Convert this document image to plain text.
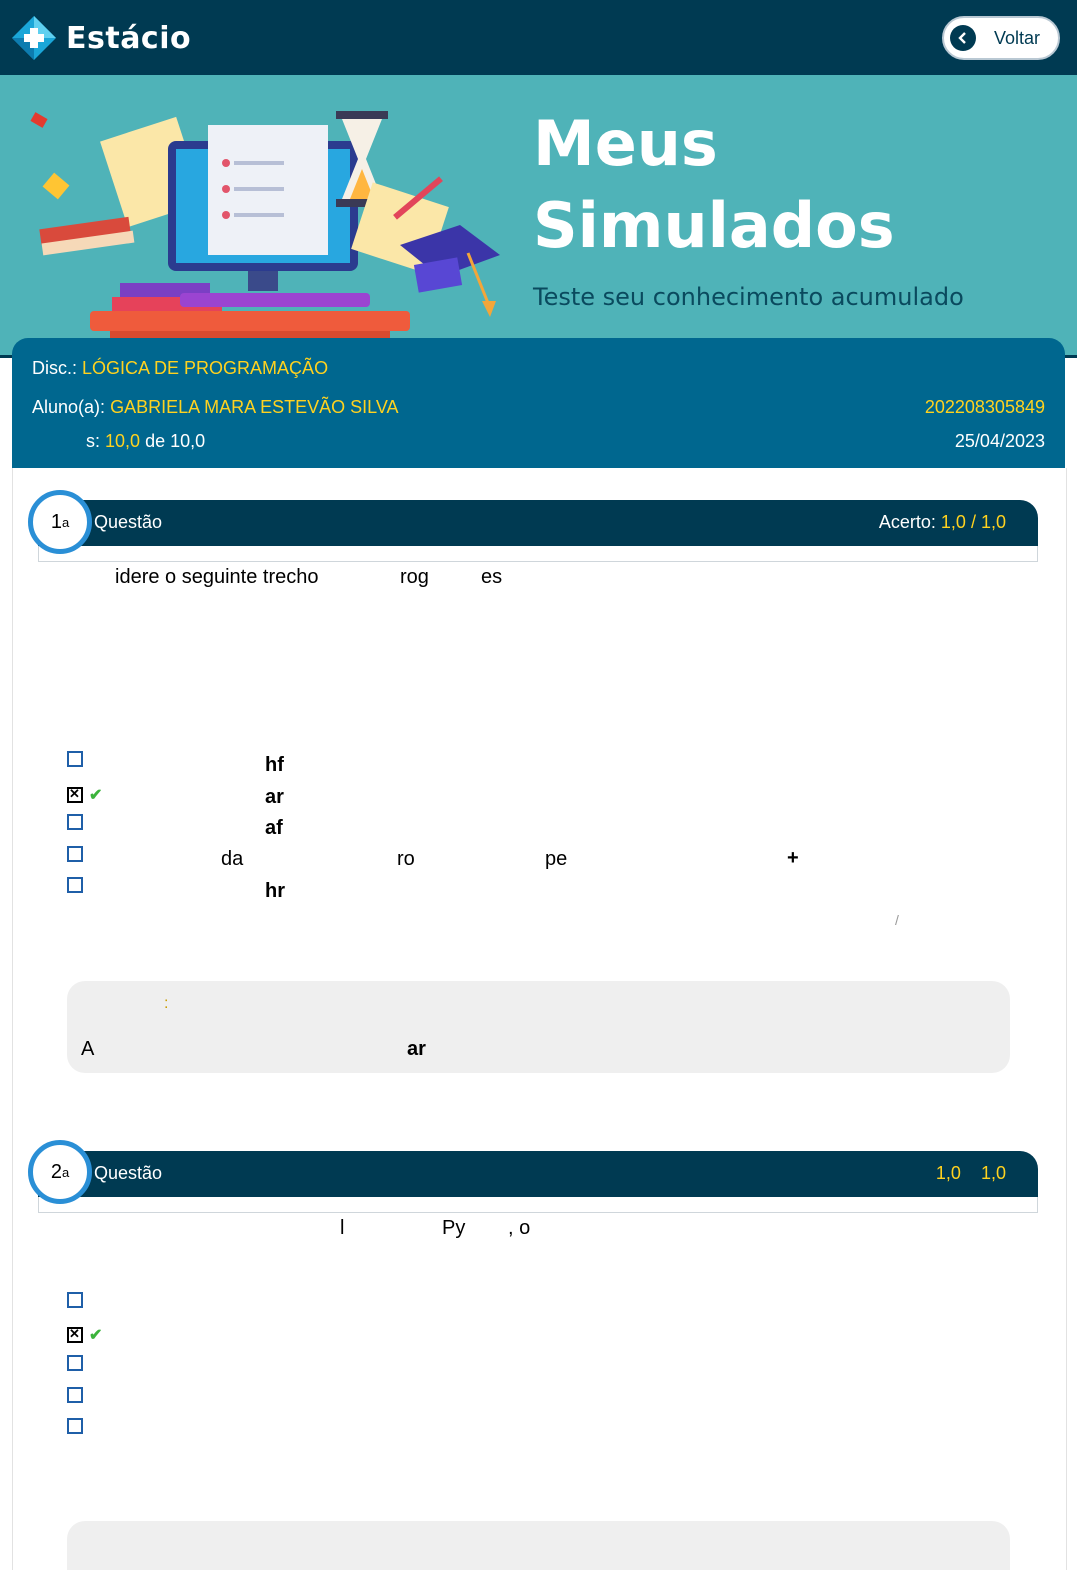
Estácio	Voltar
Meus
Simulados
Teste seu conhecimento acumulado
Disc.: LÓGICA DE PROGRAMAÇÃO
Aluno(a): GABRIELA MARA ESTEVÃO SILVA	202208305849
s: 10,0 de 10,0	25/04/2023
Questão	Acerto: 1,0 / 1,0
1 a
idere o seguinte trecho	rog	es
hf
✕
✔	ar
af
da	ro	pe	+
hr
/
:
A	ar
Questão	1,0 1,0
2 a
l	Py , o
✕
✔
